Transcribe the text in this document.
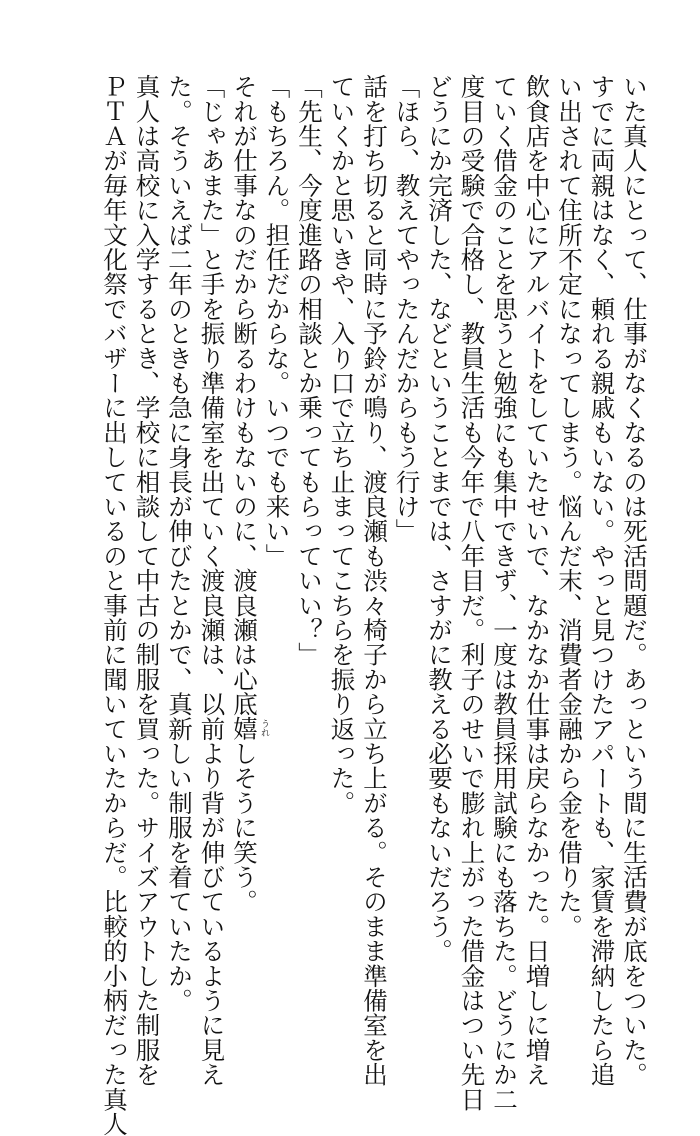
いた真人にとって、仕事がなくなるのは死活問題だ。あっという間に生活費が底をついた。
すでに両親はなく、頼れる親戚もいない。やっと見つけたアパートも、家賃を滞納したら追
い出されて住所不定になってしまう。悩んだ末、消費者金融から金を借りた。
飲食店を中心にアルバイトをしていたせいで、なかなか仕事は戻らなかった。日増しに増え
ていく借金のことを思うと勉強にも集中できず、一度は教員採用試験にも落ちた。どうにか二
度目の受験で合格し、教員生活も今年で八年目だ。利子のせいで膨れ上がった借金はつい先日
どうにか完済した、などということまでは、さすがに教える必要もないだろう。
「ほら、教えてやったんだからもう行け」
話を打ち切ると同時に予鈴が鳴り、渡良瀬も渋々椅子から立ち上がる。そのまま準備室を出
ていくかと思いきや、入り口で立ち止まってこちらを振り返った。
「先生、今度進路の相談とか乗ってもらっていい？」
「もちろん。担任だからな。いつでも来い」
それが仕事なのだから断るわけもないのに、渡良瀬は心底嬉 うれ
しそうに笑う。
「じゃあまた」と手を振り準備室を出ていく渡良瀬は、以前より背が伸びているように見え
た。そういえば二年のときも急に身長が伸びたとかで、真新しい制服を着ていたか。
真人は高校に入学するとき、学校に相談して中古の制服を買った。サイズアウトした制服を
ＰＴＡが毎年文化祭でバザーに出しているのと事前に聞いていたからだ。比較的小柄だった真人
